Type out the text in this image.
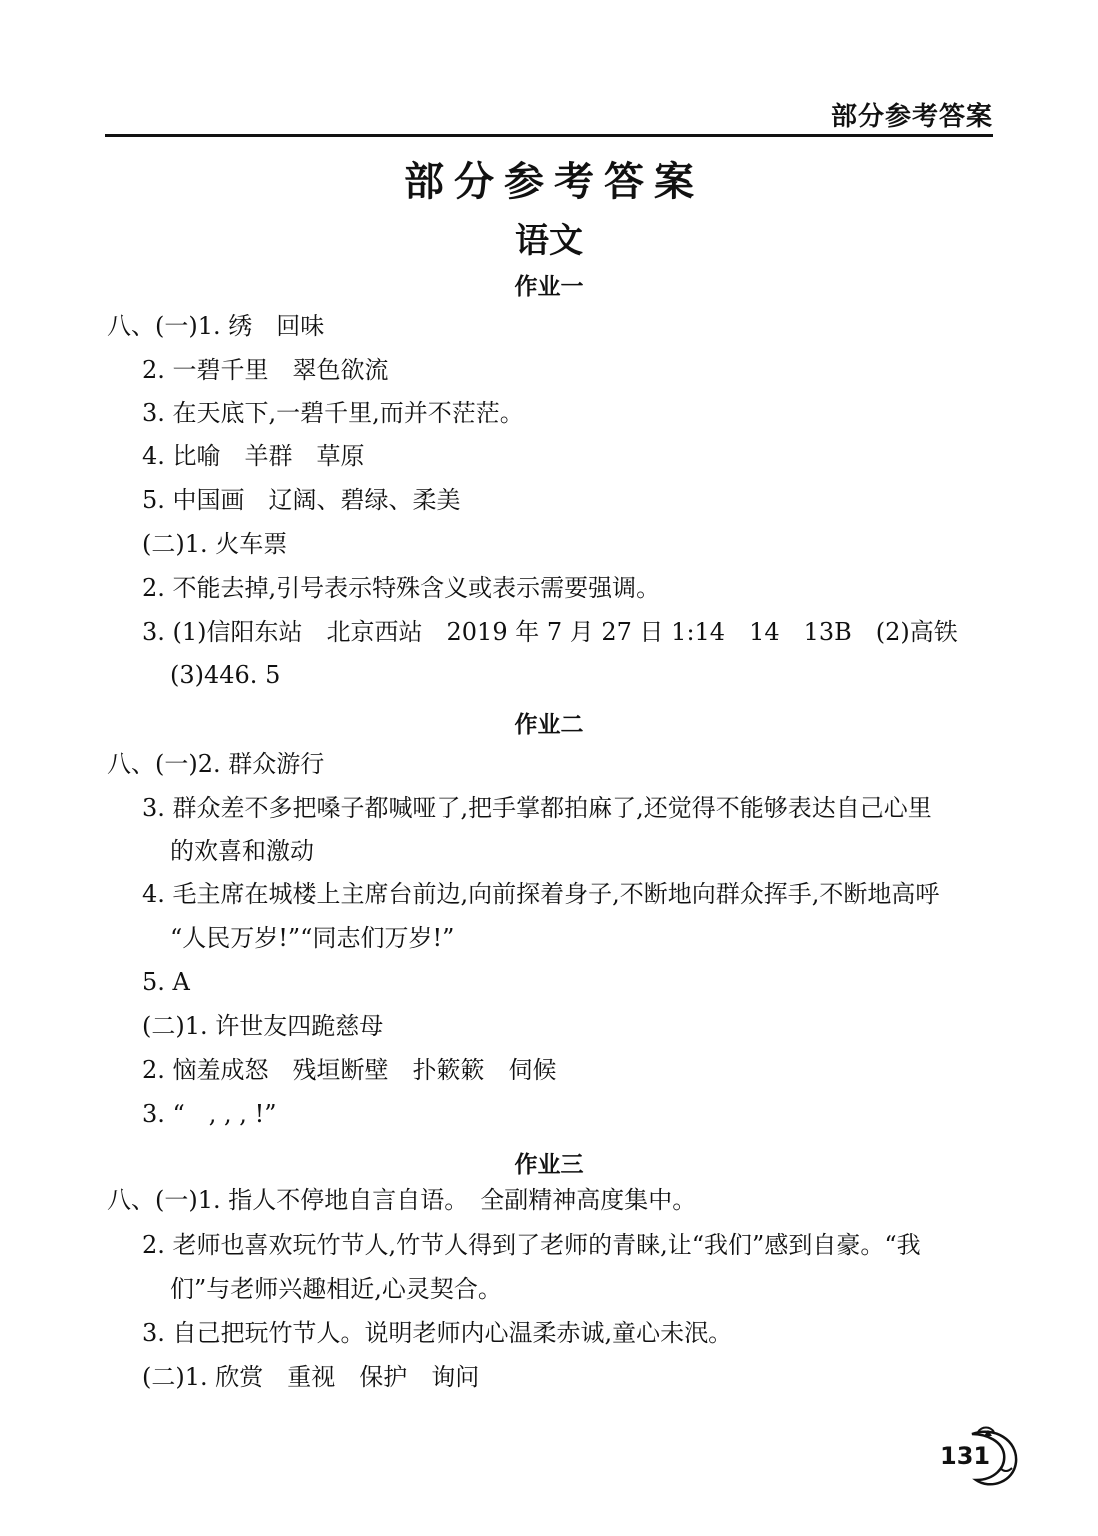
部分参考答案
部分参考答案
语文
作业一
八、(一)1. 绣　回味
2. 一碧千里　翠色欲流
3. 在天底下,一碧千里,而并不茫茫。
4. 比喻　羊群　草原
5. 中国画　辽阔、碧绿、柔美
(二)1. 火车票
2. 不能去掉,引号表示特殊含义或表示需要强调。
3. (1)信阳东站　北京西站　2019 年 7 月 27 日 1:14　14　13B　(2)高铁
(3)446. 5
作业二
八、(一)2. 群众游行
3. 群众差不多把嗓子都喊哑了,把手掌都拍麻了,还觉得不能够表达自己心里
的欢喜和激动
4. 毛主席在城楼上主席台前边,向前探着身子,不断地向群众挥手,不断地高呼
“人民万岁!”“同志们万岁!”
5. A
(二)1. 许世友四跪慈母
2. 恼羞成怒　残垣断壁　扑簌簌　伺候
3. “　, , , !”
作业三
八、(一)1. 指人不停地自言自语。　全副精神高度集中。
2. 老师也喜欢玩竹节人,竹节人得到了老师的青睐,让“我们”感到自豪。“我
们”与老师兴趣相近,心灵契合。
3. 自己把玩竹节人。说明老师内心温柔赤诚,童心未泯。
(二)1. 欣赏　重视　保护　询问
131
